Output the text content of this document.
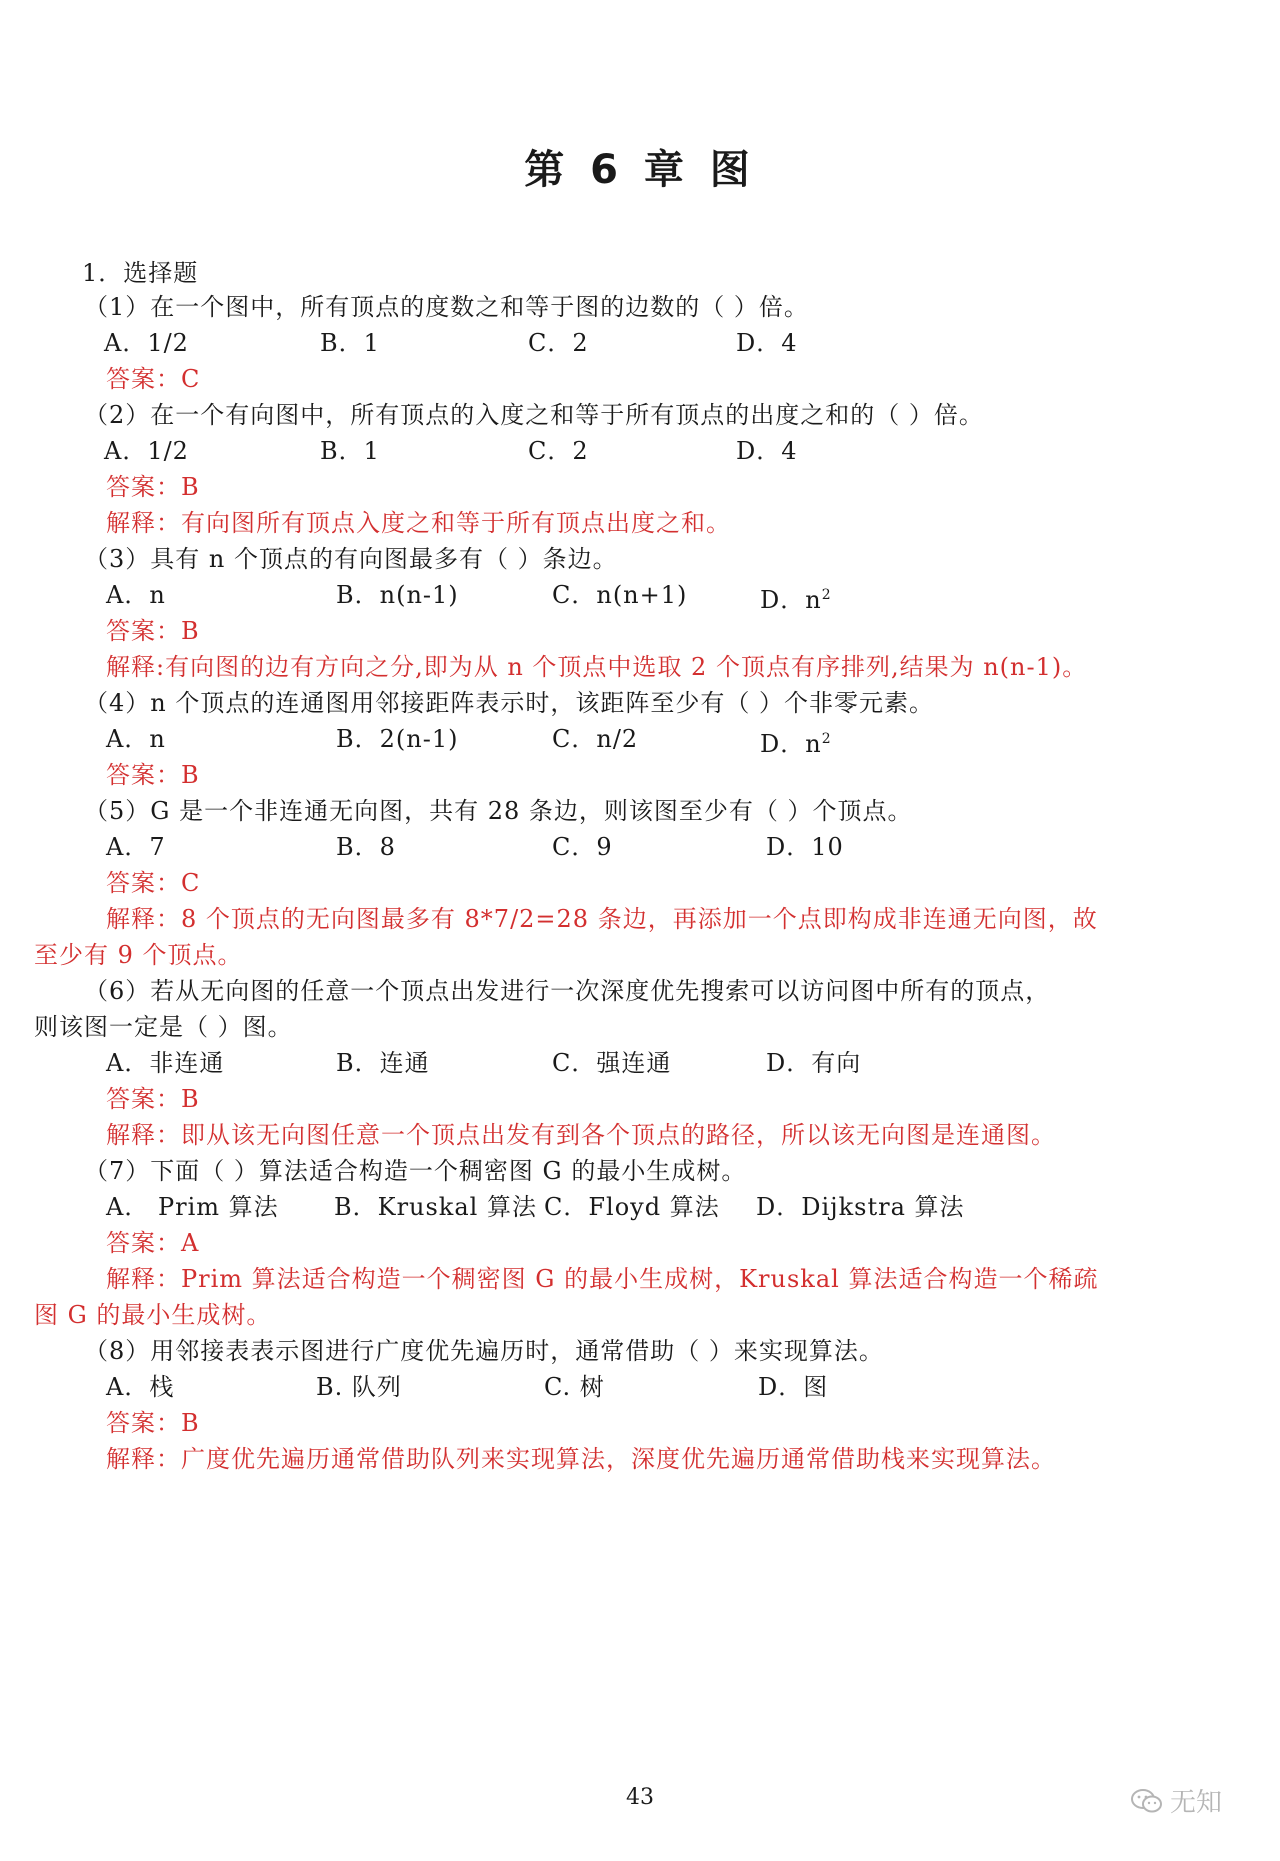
第 6 章 图
1．选择题
（1）在一个图中，所有顶点的度数之和等于图的边数的（ ）倍。
A．1/2	B．1	C．2	D．4
答案：C
（2）在一个有向图中，所有顶点的入度之和等于所有顶点的出度之和的（ ）倍。
A．1/2	B．1	C．2	D．4
答案：B
解释：有向图所有顶点入度之和等于所有顶点出度之和。
（3）具有 n 个顶点的有向图最多有（ ）条边。
A．n	B．n(n-1)	C．n(n+1)	D．$n^2$
答案：B
解释:有向图的边有方向之分,即为从 n 个顶点中选取 2 个顶点有序排列,结果为 n(n-1)。
（4）n 个顶点的连通图用邻接距阵表示时，该距阵至少有（ ）个非零元素。
A．n	B．2(n-1)	C．n/2	D．$n^2$
答案：B
（5）G 是一个非连通无向图，共有 28 条边，则该图至少有（ ）个顶点。
A．7	B．8	C．9	D．10
答案：C
解释：8 个顶点的无向图最多有 8*7/2=28 条边，再添加一个点即构成非连通无向图，故
至少有 9 个顶点。
（6）若从无向图的任意一个顶点出发进行一次深度优先搜索可以访问图中所有的顶点，
则该图一定是（ ）图。
A．非连通	B．连通	C．强连通	D．有向
答案：B
解释：即从该无向图任意一个顶点出发有到各个顶点的路径，所以该无向图是连通图。
（7）下面（ ）算法适合构造一个稠密图 G 的最小生成树。
A． Prim 算法 B．Kruskal 算法 C．Floyd 算法 D．Dijkstra 算法
答案：A
解释：Prim 算法适合构造一个稠密图 G 的最小生成树，Kruskal 算法适合构造一个稀疏
图 G 的最小生成树。
（8）用邻接表表示图进行广度优先遍历时，通常借助（ ）来实现算法。
A．栈	B. 队列	C. 树	D．图
答案：B
解释：广度优先遍历通常借助队列来实现算法，深度优先遍历通常借助栈来实现算法。
43	无知
